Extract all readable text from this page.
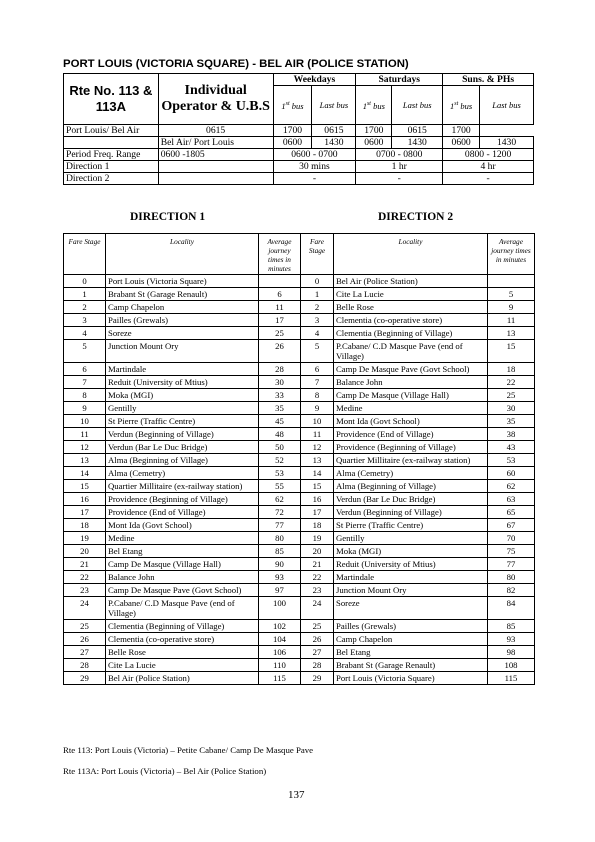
PORT LOUIS (VICTORIA SQUARE) - BEL AIR (POLICE STATION)
Rte No. 113 & 113A	Individual Operator & U.B.S	Weekdays		Saturdays		Suns. & PHs	
		1st bus	Last bus	1st bus	Last bus	1st bus	Last bus
Port Louis/ Bel Air	0615	1700	0615	1700	0615	1700	
	Bel Air/ Port Louis	0600	1430	0600	1430	0600	1430
Period Freq. Range	0600 -1805	0600 - 0700		0700 - 0800		0800 - 1200	
Direction 1		30 mins		1 hr		4 hr	
Direction 2		-		-		-	

DIRECTION 1	DIRECTION 2

Fare Stage	Locality	Average journey times in minutes	Fare Stage	Locality	Average journey times in minutes
0	Port Louis (Victoria Square)		0	Bel Air (Police Station)	
1	Brabant St (Garage Renault)	6	1	Cite La Lucie	5
2	Camp Chapelon	11	2	Belle Rose	9
3	Pailles (Grewals)	17	3	Clementia (co-operative store)	11
4	Soreze	25	4	Clementia (Beginning of Village)	13
5	Junction Mount Ory	26	5	P.Cabane/ C.D Masque Pave (end of Village)	15
6	Martindale	28	6	Camp De Masque Pave (Govt School)	18
7	Reduit (University of Mtius)	30	7	Balance John	22
8	Moka (MGI)	33	8	Camp De Masque (Village Hall)	25
9	Gentilly	35	9	Medine	30
10	St Pierre (Traffic Centre)	45	10	Mont Ida (Govt School)	35
11	Verdun (Beginning of Village)	48	11	Providence (End of Village)	38
12	Verdun (Bar Le Duc Bridge)	50	12	Providence (Beginning of Village)	43
13	Alma (Beginning of Village)	52	13	Quartier Millitaire (ex-railway station)	53
14	Alma (Cemetry)	53	14	Alma (Cemetry)	60
15	Quartier Millitaire (ex-railway station)	55	15	Alma (Beginning of Village)	62
16	Providence (Beginning of Village)	62	16	Verdun (Bar Le Duc Bridge)	63
17	Providence (End of Village)	72	17	Verdun (Beginning of Village)	65
18	Mont Ida (Govt School)	77	18	St Pierre (Traffic Centre)	67
19	Medine	80	19	Gentilly	70
20	Bel Etang	85	20	Moka (MGI)	75
21	Camp De Masque (Village Hall)	90	21	Reduit (University of Mtius)	77
22	Balance John	93	22	Martindale	80
23	Camp De Masque Pave (Govt School)	97	23	Junction Mount Ory	82
24	P.Cabane/ C.D Masque Pave (end of Village)	100	24	Soreze	84
25	Clementia (Beginning of Village)	102	25	Pailles (Grewals)	85
26	Clementia (co-operative store)	104	26	Camp Chapelon	93
27	Belle Rose	106	27	Bel Etang	98
28	Cite La Lucie	110	28	Brabant St (Garage Renault)	108
29	Bel Air (Police Station)	115	29	Port Louis (Victoria Square)	115

Rte 113: Port Louis (Victoria) – Petite Cabane/ Camp De Masque Pave

Rte 113A: Port Louis (Victoria) – Bel Air (Police Station)

137
